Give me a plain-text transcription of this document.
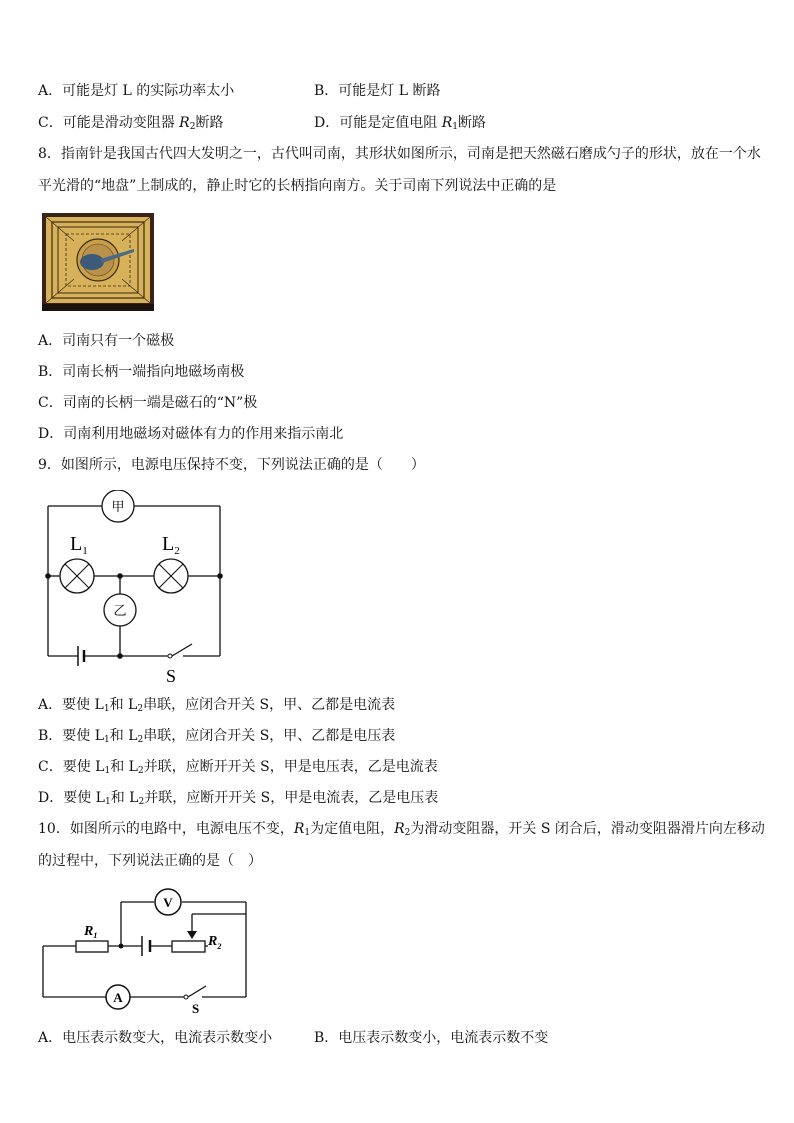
A．可能是灯 L 的实际功率太小	B．可能是灯 L 断路
C．可能是滑动变阻器 $R_2$断路	D．可能是定值电阻 $R_1$断路
8．指南针是我国古代四大发明之一，古代叫司南，其形状如图所示，司南是把天然磁石磨成勺子的形状，放在一个水
平光滑的“地盘”上制成的，静止时它的长柄指向南方。关于司南下列说法中正确的是
A．司南只有一个磁极
B．司南长柄一端指向地磁场南极
C．司南的长柄一端是磁石的“N”极
D．司南利用地磁场对磁体有力的作用来指示南北
9．如图所示，电源电压保持不变，下列说法正确的是（　　）
甲
$L_1$	$L_2$
乙
S
A．要使 $L_1$和 $L_2$串联，应闭合开关 S，甲、乙都是电流表
B．要使 $L_1$和 $L_2$串联，应闭合开关 S，甲、乙都是电压表
C．要使 $L_1$和 $L_2$并联，应断开开关 S，甲是电压表，乙是电流表
D．要使 $L_1$和 $L_2$并联，应断开开关 S，甲是电流表，乙是电压表
10．如图所示的电路中，电源电压不变，$R_1$为定值电阻，$R_2$为滑动变阻器，开关 S 闭合后，滑动变阻器滑片向左移动
的过程中，下列说法正确的是（　）
$R_1$	$R_2$
V
A
S
A．电压表示数变大，电流表示数变小	B．电压表示数变小，电流表示数不变
